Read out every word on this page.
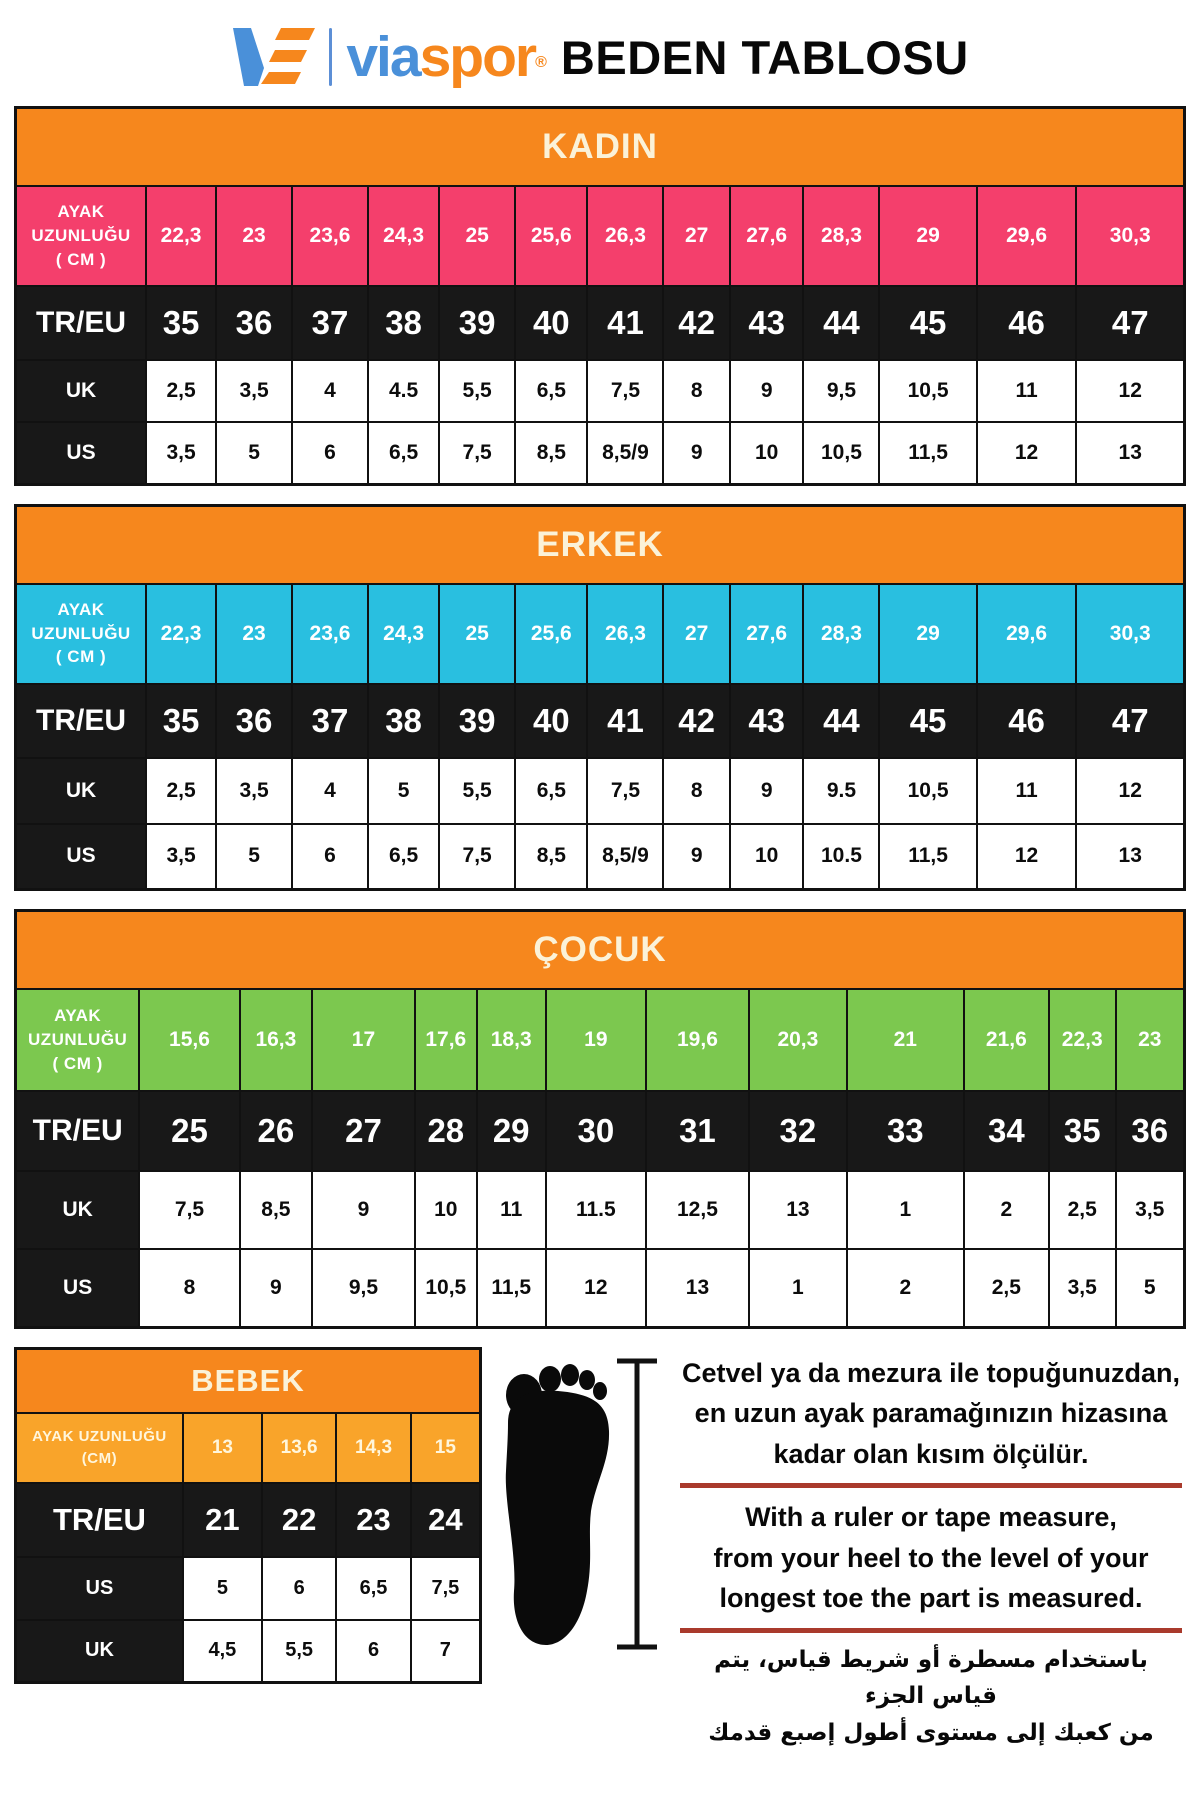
via spor ® BEDEN TABLOSU
KADIN													
AYAK
UZUNLUĞU
( CM )	22,3	23	23,6	24,3	25	25,6	26,3	27	27,6	28,3	29	29,6	30,3
TR/EU	35	36	37	38	39	40	41	42	43	44	45	46	47
UK	2,5	3,5	4	4.5	5,5	6,5	7,5	8	9	9,5	10,5	11	12
US	3,5	5	6	6,5	7,5	8,5	8,5/9	9	10	10,5	11,5	12	13
ERKEK													
AYAK
UZUNLUĞU
( CM )	22,3	23	23,6	24,3	25	25,6	26,3	27	27,6	28,3	29	29,6	30,3
TR/EU	35	36	37	38	39	40	41	42	43	44	45	46	47
UK	2,5	3,5	4	5	5,5	6,5	7,5	8	9	9.5	10,5	11	12
US	3,5	5	6	6,5	7,5	8,5	8,5/9	9	10	10.5	11,5	12	13
ÇOCUK												
AYAK
UZUNLUĞU
( CM )	15,6	16,3	17	17,6	18,3	19	19,6	20,3	21	21,6	22,3	23
TR/EU	25	26	27	28	29	30	31	32	33	34	35	36
UK	7,5	8,5	9	10	11	11.5	12,5	13	1	2	2,5	3,5
US	8	9	9,5	10,5	11,5	12	13	1	2	2,5	3,5	5
BEBEK				
AYAK UZUNLUĞU
(CM)	13	13,6	14,3	15
TR/EU	21	22	23	24
US	5	6	6,5	7,5
UK	4,5	5,5	6	7
Cetvel ya da mezura ile topuğunuzdan,
en uzun ayak paramağınızın hizasına
kadar olan kısım ölçülür.
With a ruler or tape measure,
from your heel to the level of your
longest toe the part is measured.
باستخدام مسطرة أو شريط قياس، يتم قياس الجزء
من كعبك إلى مستوى أطول إصبع قدمك
